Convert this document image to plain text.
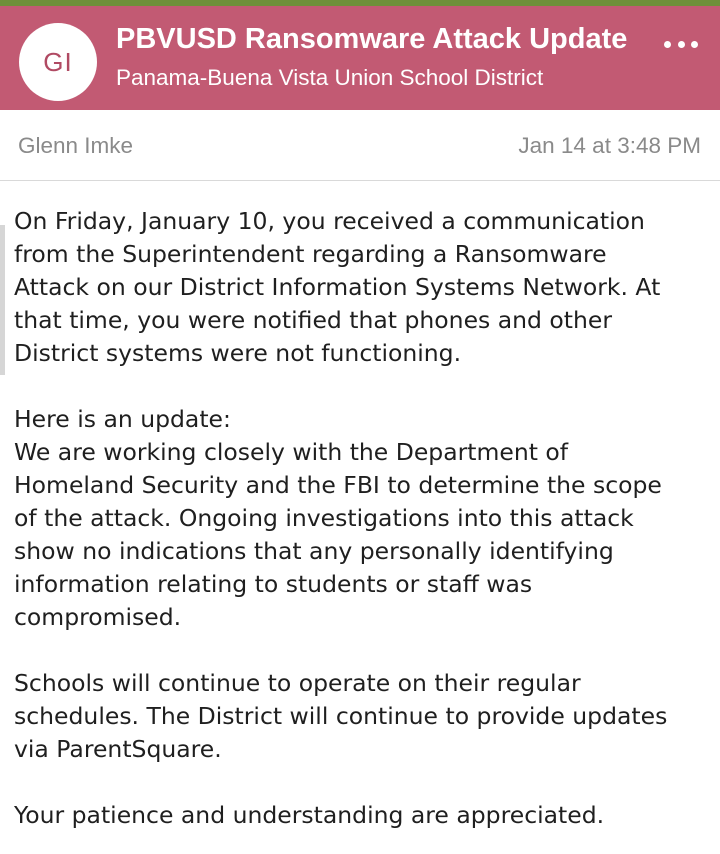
GI
PBVUSD Ransomware Attack Update
Panama-Buena Vista Union School District
Glenn Imke	Jan 14 at 3:48 PM

On Friday, January 10, you received a communication

from the Superintendent regarding a Ransomware

Attack on our District Information Systems Network. At

that time, you were notified that phones and other

District systems were not functioning.

Here is an update:

We are working closely with the Department of

Homeland Security and the FBI to determine the scope

of the attack. Ongoing investigations into this attack

show no indications that any personally identifying

information relating to students or staff was

compromised.

Schools will continue to operate on their regular

schedules. The District will continue to provide updates

via ParentSquare.

Your patience and understanding are appreciated.
